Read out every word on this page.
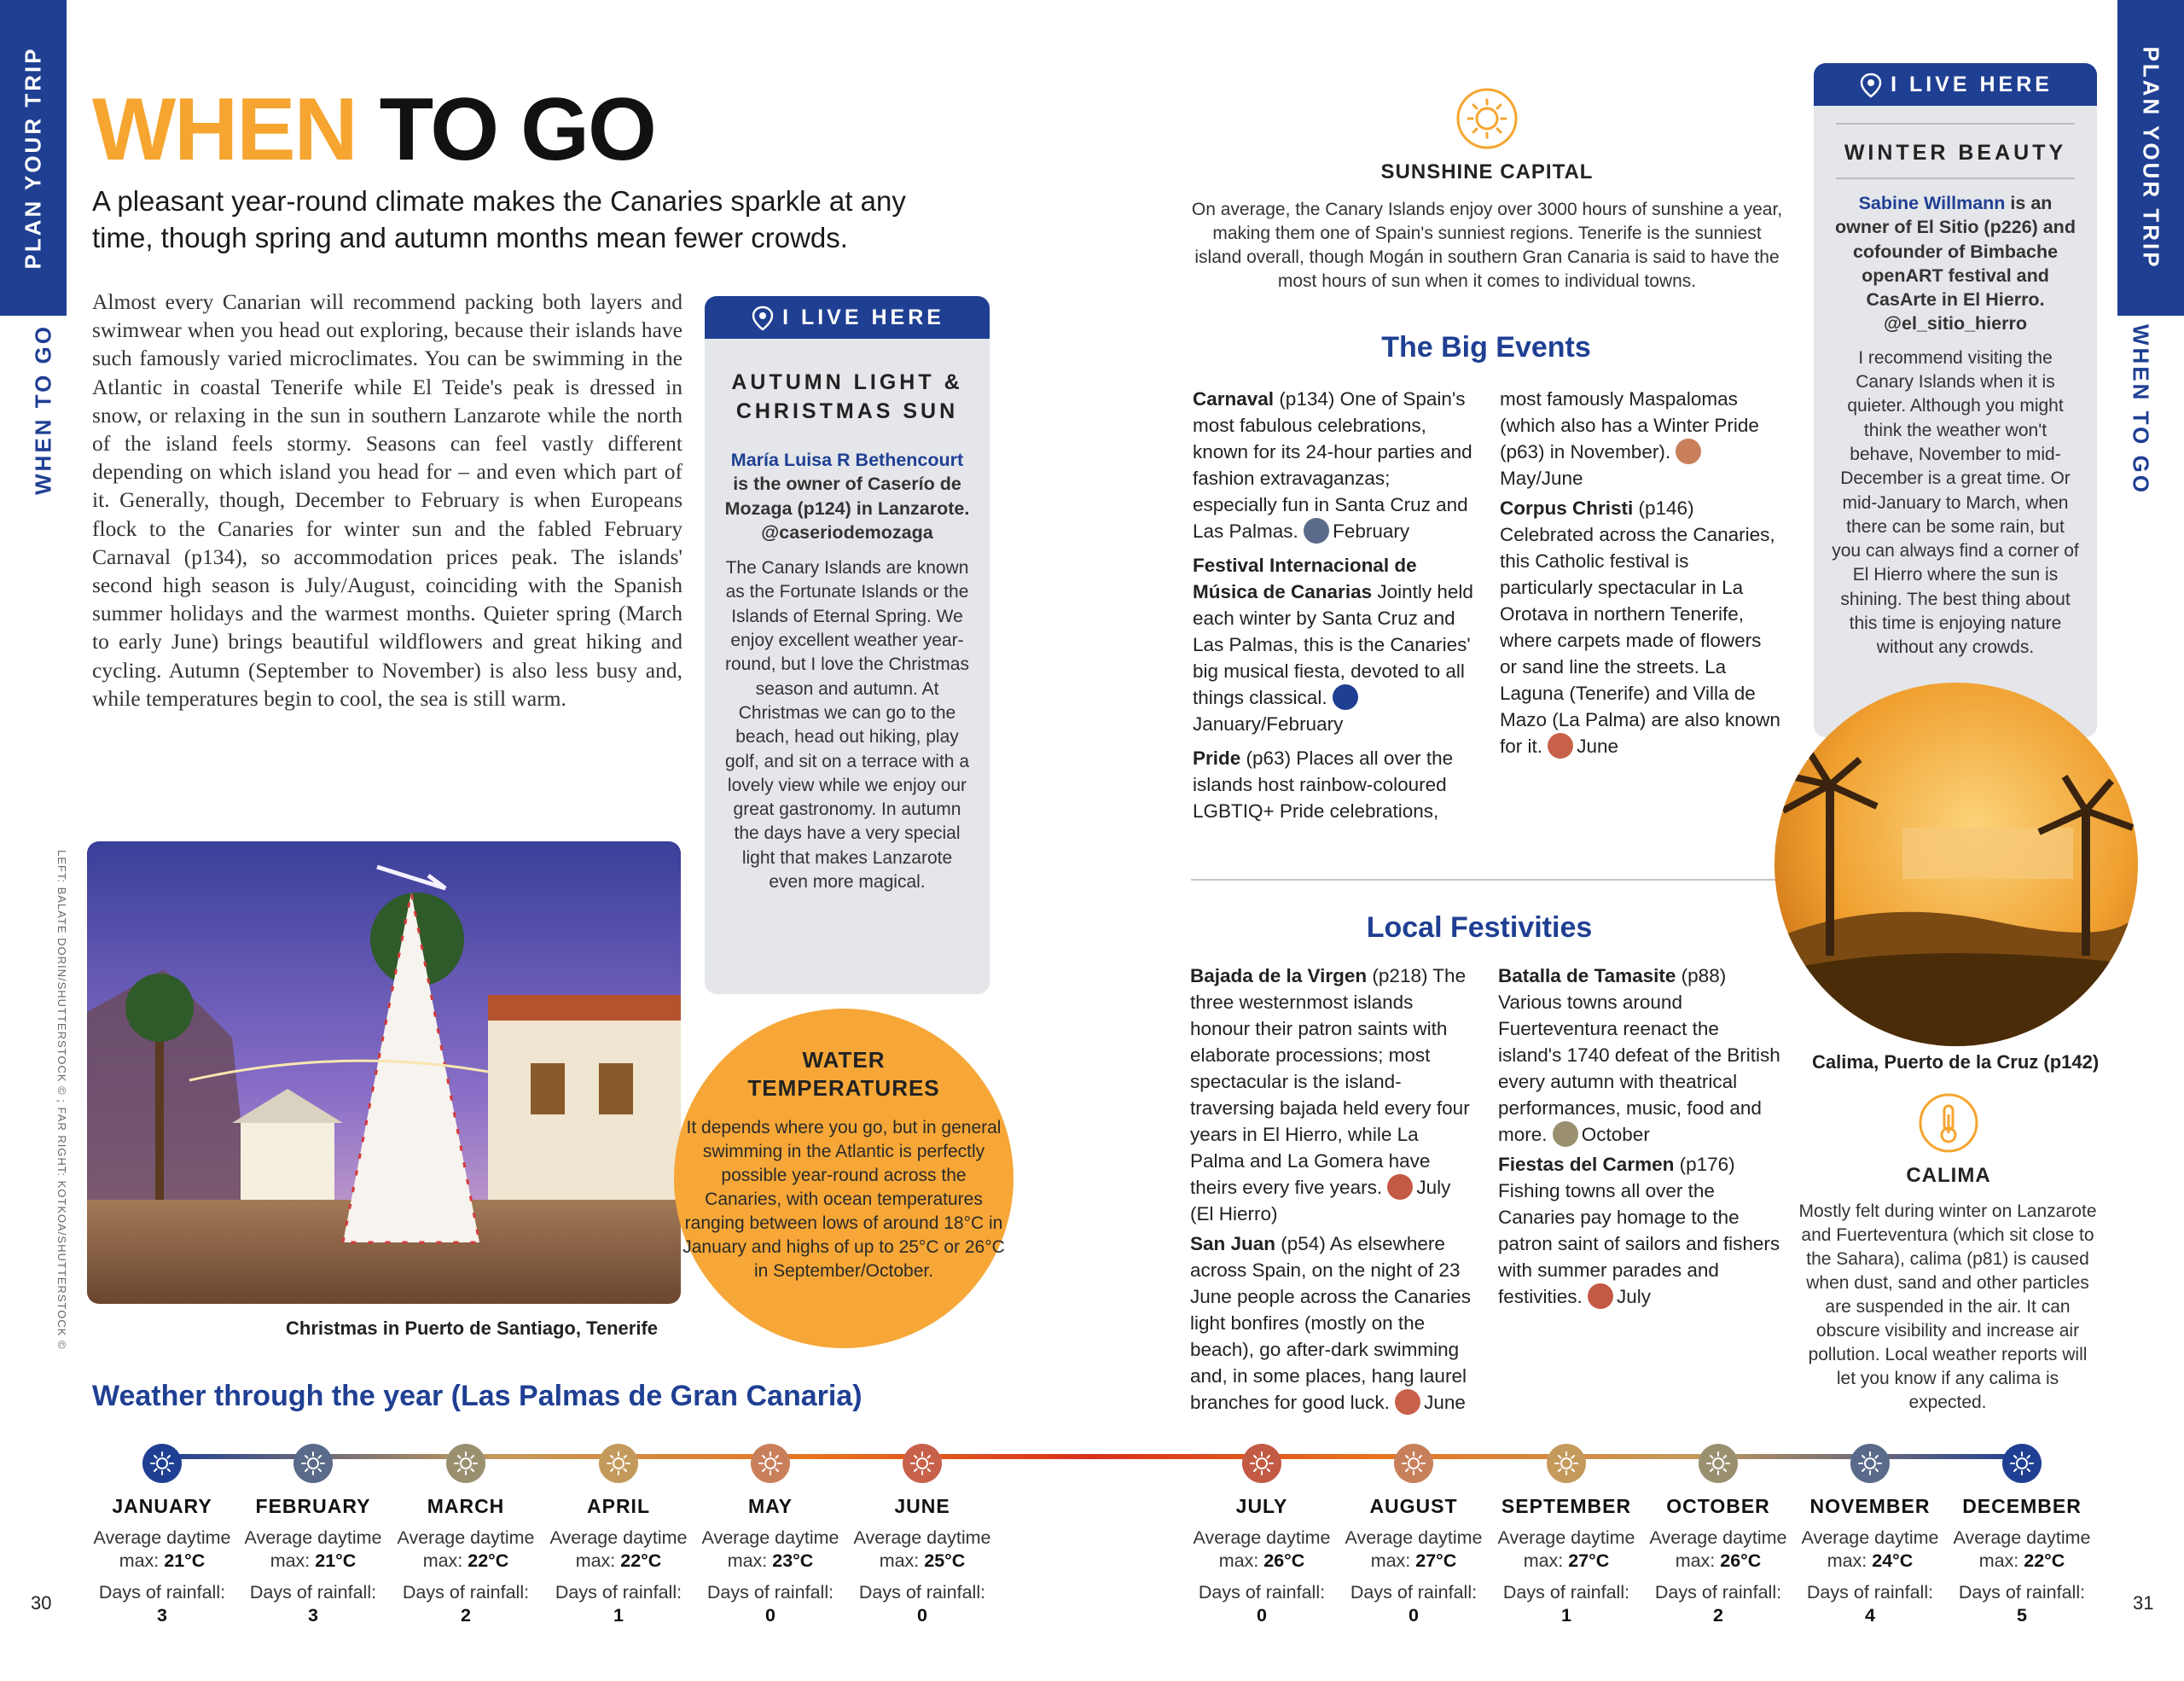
PLAN YOUR TRIP
WHEN TO GO
PLAN YOUR TRIP
WHEN TO GO
WHEN TO GO
A pleasant year-round climate makes the Canaries sparkle at any time, though spring and autumn months mean fewer crowds.
Almost every Canarian will recommend packing both layers and swimwear when you head out exploring, because their islands have such famously varied microclimates. You can be swimming in the Atlantic in coastal Tenerife while El Teide's peak is dressed in snow, or relaxing in the sun in southern Lanzarote while the north of the island feels stormy. Seasons can feel vastly different depending on which island you head for – and even which part of it. Generally, though, December to February is when Europeans flock to the Canaries for winter sun and the fabled February Carnaval (p134), so accommodation prices peak. The islands' second high season is July/August, coinciding with the Spanish summer holidays and the warmest months. Quieter spring (March to early June) brings beautiful wildflowers and great hiking and cycling. Autumn (September to November) is also less busy and, while temperatures begin to cool, the sea is still warm.
I LIVE HERE
AUTUMN LIGHT & CHRISTMAS SUN
María Luisa R Bethencourt is the owner of Caserío de Mozaga (p124) in Lanzarote. @caseriodemozaga
The Canary Islands are known as the Fortunate Islands or the Islands of Eternal Spring. We enjoy excellent weather year-round, but I love the Christmas season and autumn. At Christmas we can go to the beach, head out hiking, play golf, and sit on a terrace with a lovely view while we enjoy our great gastronomy. In autumn the days have a very special light that makes Lanzarote even more magical.
LEFT: BALATE DORIN/SHUTTERSTOCK © ; FAR RIGHT: KOTKOA/SHUTTERSTOCK ©	Christmas in Puerto de Santiago, Tenerife
WATER TEMPERATURES
It depends where you go, but in general swimming in the Atlantic is perfectly possible year-round across the Canaries, with ocean temperatures ranging between lows of around 18°C in January and highs of up to 25°C or 26°C in September/October.
SUNSHINE CAPITAL
On average, the Canary Islands enjoy over 3000 hours of sunshine a year, making them one of Spain's sunniest regions. Tenerife is the sunniest island overall, though Mogán in southern Gran Canaria is said to have the most hours of sun when it comes to individual towns.
The Big Events

Carnaval (p134) One of Spain's most fabulous celebrations, known for its 24-hour parties and fashion extravaganzas; especially fun in Santa Cruz and Las Palmas. February

Festival Internacional de Música de Canarias Jointly held each winter by Santa Cruz and Las Palmas, this is the Canaries' big musical fiesta, devoted to all things classical. January/February

Pride (p63) Places all over the islands host rainbow-coloured LGBTIQ+ Pride celebrations,

most famously Maspalomas (which also has a Winter Pride (p63) in November). May/June

Corpus Christi (p146) Celebrated across the Canaries, this Catholic festival is particularly spectacular in La Orotava in northern Tenerife, where carpets made of flowers or sand line the streets. La Laguna (Tenerife) and Villa de Mazo (La Palma) are also known for it. June

Local Festivities

Bajada de la Virgen (p218) The three westernmost islands honour their patron saints with elaborate processions; most spectacular is the island-traversing bajada held every four years in El Hierro, while La Palma and La Gomera have theirs every five years. July (El Hierro)

San Juan (p54) As elsewhere across Spain, on the night of 23 June people across the Canaries light bonfires (mostly on the beach), go after-dark swimming and, in some places, hang laurel branches for good luck. June

Batalla de Tamasite (p88) Various towns around Fuerteventura reenact the island's 1740 defeat of the British every autumn with theatrical performances, music, food and more. October

Fiestas del Carmen (p176) Fishing towns all over the Canaries pay homage to the patron saint of sailors and fishers with summer parades and festivities. July

I LIVE HERE
WINTER BEAUTY
Sabine Willmann is an owner of El Sitio (p226) and cofounder of Bimbache openART festival and CasArte in El Hierro. @el_sitio_hierro
I recommend visiting the Canary Islands when it is quieter. Although you might think the weather won't behave, November to mid-December is a great time. Or mid-January to March, when there can be some rain, but you can always find a corner of El Hierro where the sun is shining. The best thing about this time is enjoying nature without any crowds.
Calima, Puerto de la Cruz (p142)
CALIMA
Mostly felt during winter on Lanzarote and Fuerteventura (which sit close to the Sahara), calima (p81) is caused when dust, sand and other particles are suspended in the air. It can obscure visibility and increase air pollution. Local weather reports will let you know if any calima is expected.
Weather through the year (Las Palmas de Gran Canaria)
JANUARY
Average daytime max: 21°C
Days of rainfall:
3
FEBRUARY
Average daytime max: 21°C
Days of rainfall:
3
MARCH
Average daytime max: 22°C
Days of rainfall:
2
APRIL
Average daytime max: 22°C
Days of rainfall:
1
MAY
Average daytime max: 23°C
Days of rainfall:
0
JUNE
Average daytime max: 25°C
Days of rainfall:
0
JULY
Average daytime max: 26°C
Days of rainfall:
0
AUGUST
Average daytime max: 27°C
Days of rainfall:
0
SEPTEMBER
Average daytime max: 27°C
Days of rainfall:
1
OCTOBER
Average daytime max: 26°C
Days of rainfall:
2
NOVEMBER
Average daytime max: 24°C
Days of rainfall:
4
DECEMBER
Average daytime max: 22°C
Days of rainfall:
5
30	31
